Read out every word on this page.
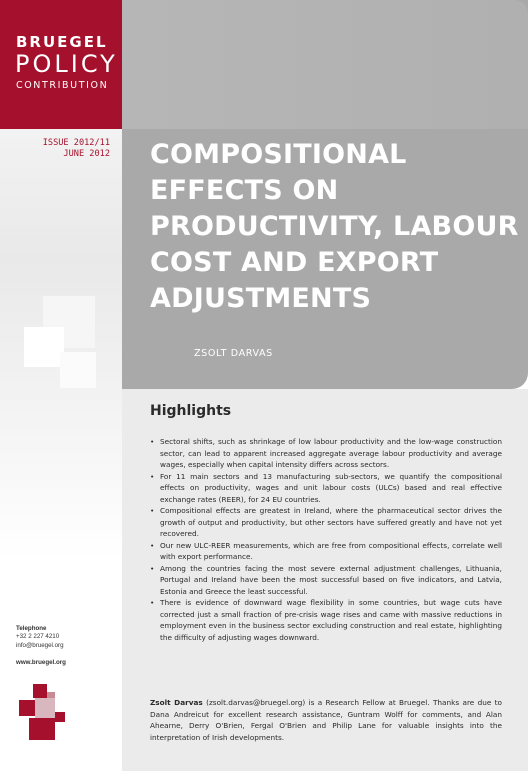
BRUEGEL
POLICY
CONTRIBUTION
ISSUE 2012/11
JUNE 2012
Telephone
+32 2 227 4210
info@bruegel.org
www.bruegel.org
COMPOSITIONAL EFFECTS ON PRODUCTIVITY, LABOUR COST AND EXPORT ADJUSTMENTS
ZSOLT DARVAS
Highlights
• Sectoral shifts, such as shrinkage of low labour productivity and the low-wage construction sector, can lead to apparent increased aggregate average labour productivity and average wages, especially when capital intensity differs across sectors.
• For 11 main sectors and 13 manufacturing sub-sectors, we quantify the compositional effects on productivity, wages and unit labour costs (ULCs) based and real effective exchange rates (REER), for 24 EU countries.
• Compositional effects are greatest in Ireland, where the pharmaceutical sector drives the growth of output and productivity, but other sectors have suffered greatly and have not yet recovered.
• Our new ULC-REER measurements, which are free from compositional effects, correlate well with export performance.
• Among the countries facing the most severe external adjustment challenges, Lithuania, Portugal and Ireland have been the most successful based on five indicators, and Latvia, Estonia and Greece the least successful.
• There is evidence of downward wage flexibility in some countries, but wage cuts have corrected just a small fraction of pre-crisis wage rises and came with massive reductions in employment even in the business sector excluding construction and real estate, highlighting the difficulty of adjusting wages downward.

Zsolt Darvas (zsolt.darvas@bruegel.org) is a Research Fellow at Bruegel. Thanks are due to Dana Andreicut for excellent research assistance, Guntram Wolff for comments, and Alan Ahearne, Derry O'Brien, Fergal O'Brien and Philip Lane for valuable insights into the interpretation of Irish developments.
